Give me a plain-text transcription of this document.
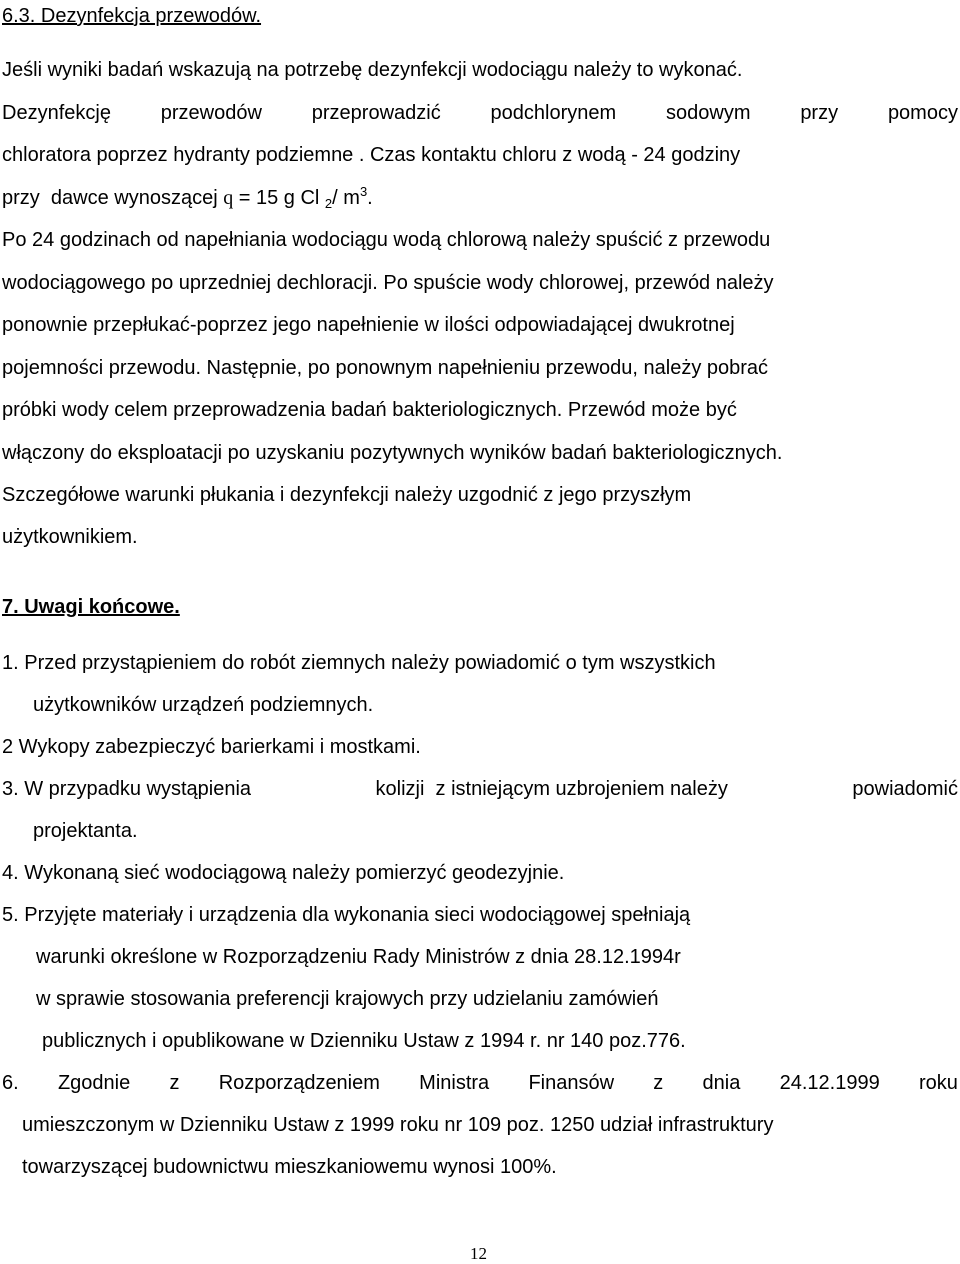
6.3. Dezynfekcja przewodów.
Jeśli wyniki badań wskazują na potrzebę dezynfekcji wodociągu należy to wykonać.
Dezynfekcję przewodów przeprowadzić podchlorynem sodowym przy pomocy
chloratora poprzez hydranty podziemne . Czas kontaktu chloru z wodą - 24 godziny
przy  dawce wynoszącej q = 15 g Cl $_2$/ $m^3$.
Po 24 godzinach od napełniania wodociągu wodą chlorową należy spuścić z przewodu
wodociągowego po uprzedniej dechloracji. Po spuście wody chlorowej, przewód należy
ponownie przepłukać-poprzez jego napełnienie w ilości odpowiadającej dwukrotnej
pojemności przewodu. Następnie, po ponownym napełnieniu przewodu, należy pobrać
próbki wody celem przeprowadzenia badań bakteriologicznych. Przewód może być
włączony do eksploatacji po uzyskaniu pozytywnych wyników badań bakteriologicznych.
Szczegółowe warunki płukania i dezynfekcji należy uzgodnić z jego przyszłym
użytkownikiem.
7. Uwagi końcowe.
1. Przed przystąpieniem do robót ziemnych należy powiadomić o tym wszystkich
użytkowników urządzeń podziemnych.
2 Wykopy zabezpieczyć barierkami i mostkami.
3. W przypadku wystąpienia	kolizji  z istniejącym uzbrojeniem należy	powiadomić
projektanta.
4. Wykonaną sieć wodociągową należy pomierzyć geodezyjnie.
5. Przyjęte materiały i urządzenia dla wykonania sieci wodociągowej spełniają
warunki określone w Rozporządzeniu Rady Ministrów z dnia 28.12.1994r
w sprawie stosowania preferencji krajowych przy udzielaniu zamówień
publicznych i opublikowane w Dzienniku Ustaw z 1994 r. nr 140 poz.776.
6. Zgodnie z Rozporządzeniem Ministra Finansów z dnia 24.12.1999 roku
umieszczonym w Dzienniku Ustaw z 1999 roku nr 109 poz. 1250 udział infrastruktury
towarzyszącej budownictwu mieszkaniowemu wynosi 100%.
12
